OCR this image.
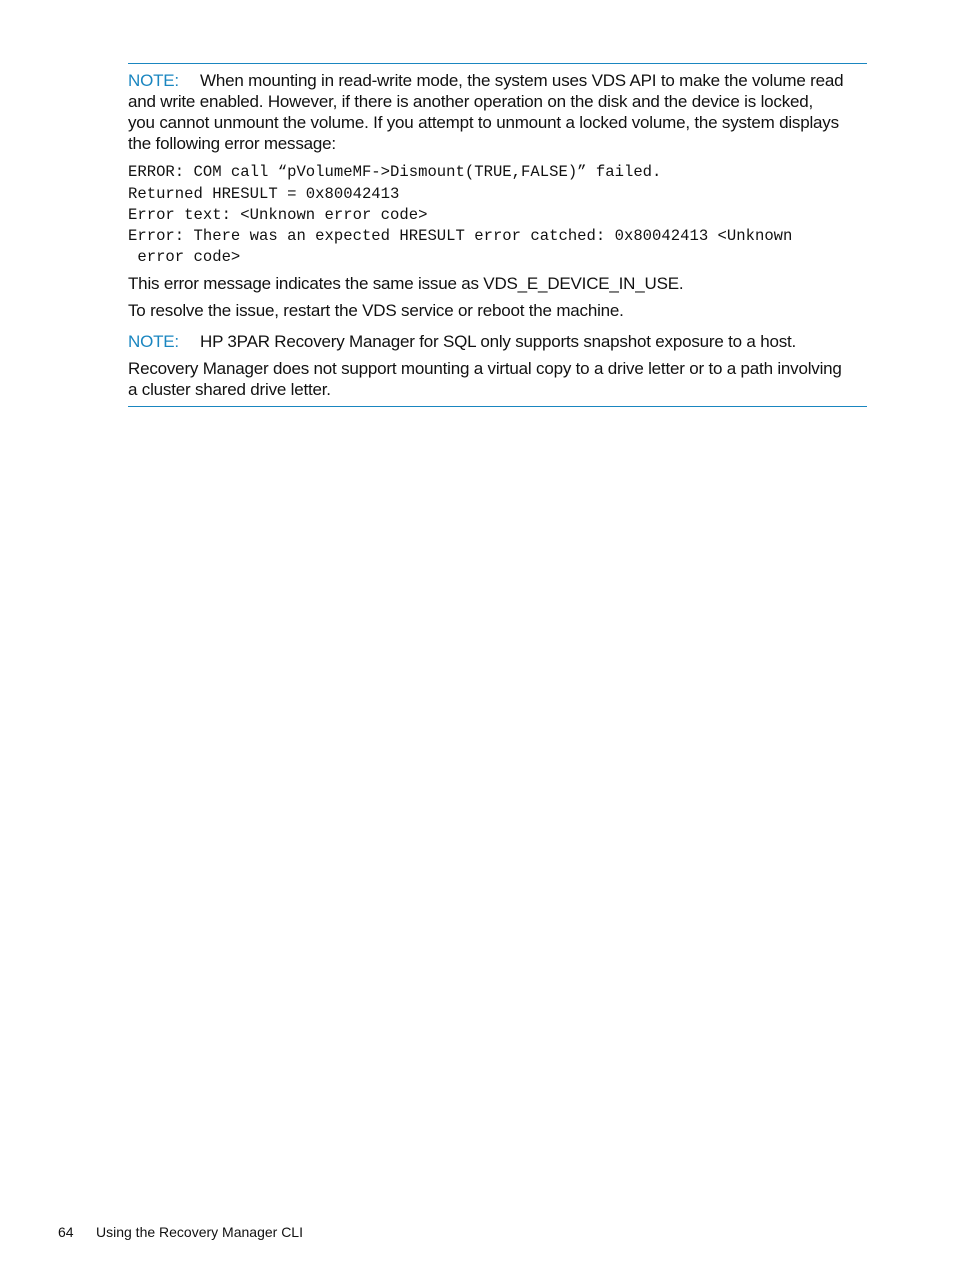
NOTE: When mounting in read-write mode, the system uses VDS API to make the volume read
and write enabled. However, if there is another operation on the disk and the device is locked,
you cannot unmount the volume. If you attempt to unmount a locked volume, the system displays
the following error message:
ERROR: COM call “pVolumeMF->Dismount(TRUE,FALSE)” failed.
Returned HRESULT = 0x80042413
Error text: <Unknown error code>
Error: There was an expected HRESULT error catched: 0x80042413 <Unknown
error code>
This error message indicates the same issue as VDS_E_DEVICE_IN_USE.
To resolve the issue, restart the VDS service or reboot the machine.
NOTE: HP 3PAR Recovery Manager for SQL only supports snapshot exposure to a host.
Recovery Manager does not support mounting a virtual copy to a drive letter or to a path involving
a cluster shared drive letter.
64 Using the Recovery Manager CLI
